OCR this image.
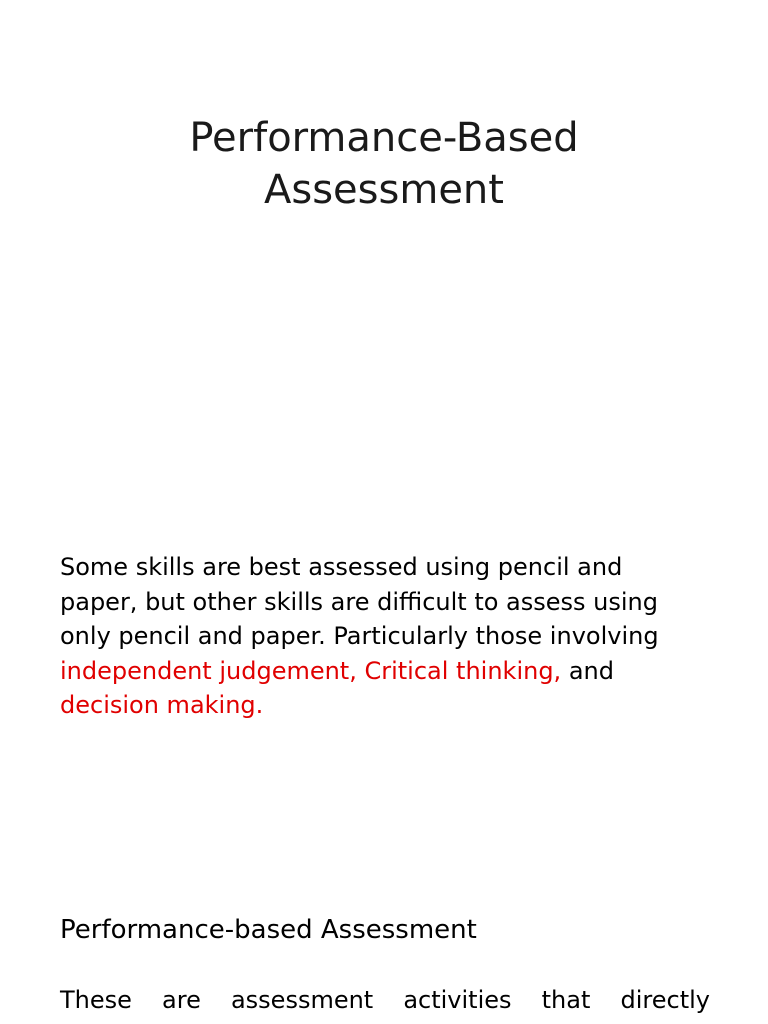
Performance-Based
Assessment
Some skills are best assessed using pencil and
paper, but other skills are difficult to assess using
only pencil and paper. Particularly those involving
independent judgement, Critical thinking, and
decision making.
Performance-based Assessment
These are assessment activities that directly
